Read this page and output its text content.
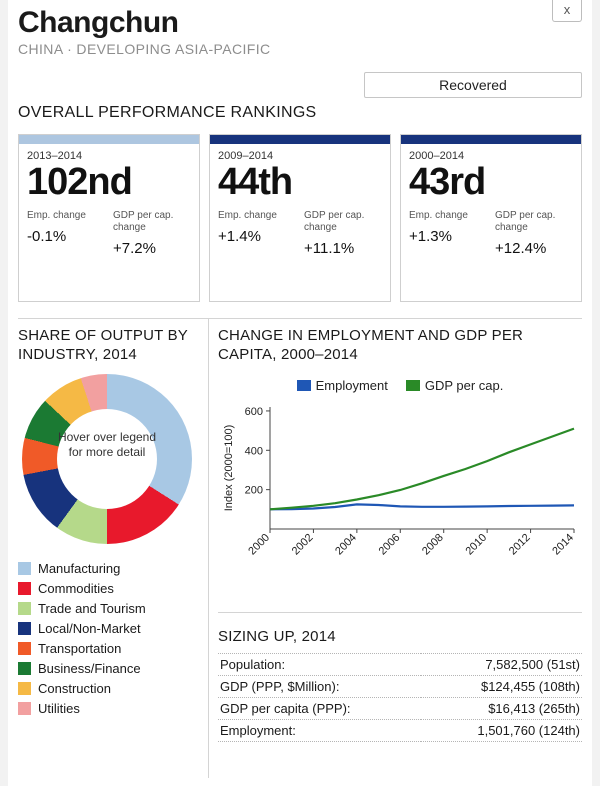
x
Changchun
CHINA · DEVELOPING ASIA-PACIFIC
Recovered
OVERALL PERFORMANCE RANKINGS
2013–2014
102nd
Emp. change
-0.1%
GDP per cap. change
+7.2%
2009–2014
44th
Emp. change
+1.4%
GDP per cap. change
+11.1%
2000–2014
43rd
Emp. change
+1.3%
GDP per cap. change
+12.4%
SHARE OF OUTPUT BY INDUSTRY, 2014
Hover over legend for more detail
Manufacturing
Commodities
Trade and Tourism
Local/Non-Market
Transportation
Business/Finance
Construction
Utilities
CHANGE IN EMPLOYMENT AND GDP PER CAPITA, 2000–2014
Employment	GDP per cap.
200
400
600
2000 2002 2004 2006 2008 2010 2012 2014
Index (2000=100)
SIZING UP, 2014
Population:	7,582,500 (51st)
GDP (PPP, $Million):	$124,455 (108th)
GDP per capita (PPP):	$16,413 (265th)
Employment:	1,501,760 (124th)
